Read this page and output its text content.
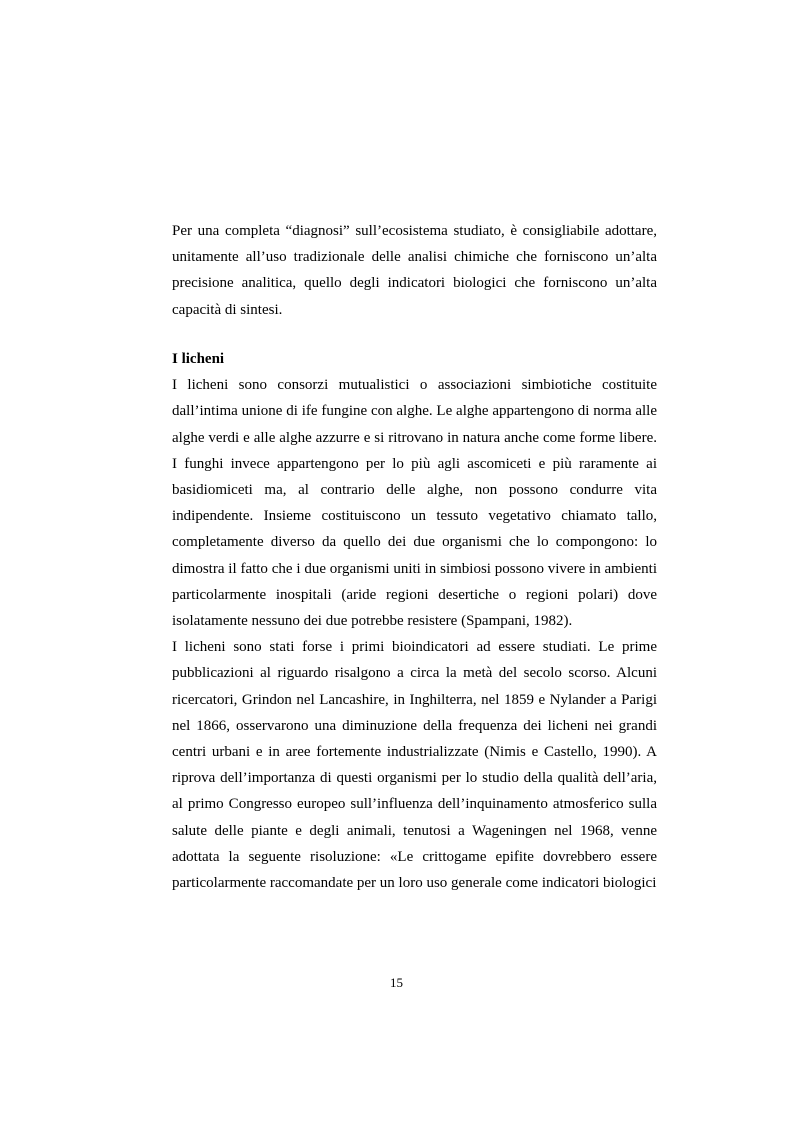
Per una completa “diagnosi” sull’ecosistema studiato, è consigliabile adottare, unitamente all’uso tradizionale delle analisi chimiche che forniscono un’alta precisione analitica, quello degli indicatori biologici che forniscono un’alta capacità di sintesi.

I licheni

I licheni sono consorzi mutualistici o associazioni simbiotiche costituite dall’intima unione di ife fungine con alghe. Le alghe appartengono di norma alle alghe verdi e alle alghe azzurre e si ritrovano in natura anche come forme libere. I funghi invece appartengono per lo più agli ascomiceti e più raramente ai basidiomiceti ma, al contrario delle alghe, non possono condurre vita indipendente. Insieme costituiscono un tessuto vegetativo chiamato tallo, completamente diverso da quello dei due organismi che lo compongono: lo dimostra il fatto che i due organismi uniti in simbiosi possono vivere in ambienti particolarmente inospitali (aride regioni desertiche o regioni polari) dove isolatamente nessuno dei due potrebbe resistere (Spampani, 1982).

I licheni sono stati forse i primi bioindicatori ad essere studiati. Le prime pubblicazioni al riguardo risalgono a circa la metà del secolo scorso. Alcuni ricercatori, Grindon nel Lancashire, in Inghilterra, nel 1859 e Nylander a Parigi nel 1866, osservarono una diminuzione della frequenza dei licheni nei grandi centri urbani e in aree fortemente industrializzate (Nimis e Castello, 1990). A riprova dell’importanza di questi organismi per lo studio della qualità dell’aria, al primo Congresso europeo sull’influenza dell’inquinamento atmosferico sulla salute delle piante e degli animali, tenutosi a Wageningen nel 1968, venne adottata la seguente risoluzione: «Le crittogame epifite dovrebbero essere particolarmente raccomandate per un loro uso generale come indicatori biologici

15
